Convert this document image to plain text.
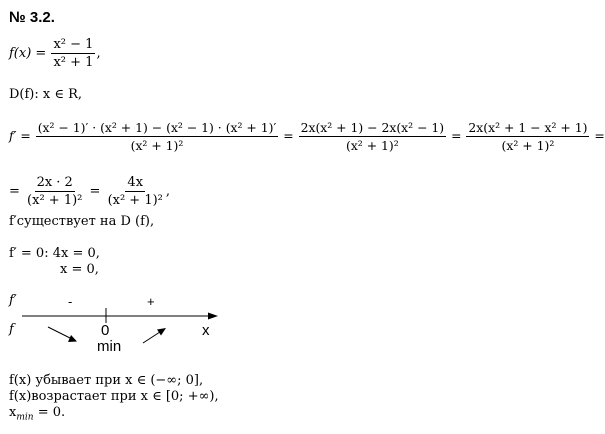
№ 3.2.
$f(x) = \frac{\text{x² − 1}}{\text{x² + 1}}$ ,
D(f): x ∈ R,
$f' = \frac{\text{(x² − 1)′ · (x² + 1) − (x² − 1) · (x² + 1)′}}{\text{(x² + 1)²}} = \frac{\text{2x(x² + 1) − 2x(x² − 1)}}{\text{(x² + 1)²}} = \frac{\text{2x(x² + 1 − x² + 1)}}{\text{(x² + 1)²}}$ =
= $\frac{2x \cdot 2}{\text{(x² + 1)²}} = \frac{4x}{\text{(x² + 1)²}}$ ,
f′существует на D (f),
f′ = 0: 4x = 0,
x = 0,
f′	-	+
f	0	x
min
f(x) убывает при x ∈ (−∞; 0],
f(x)возрастает при x ∈ [0; +∞),
$x_{min} = 0$.
